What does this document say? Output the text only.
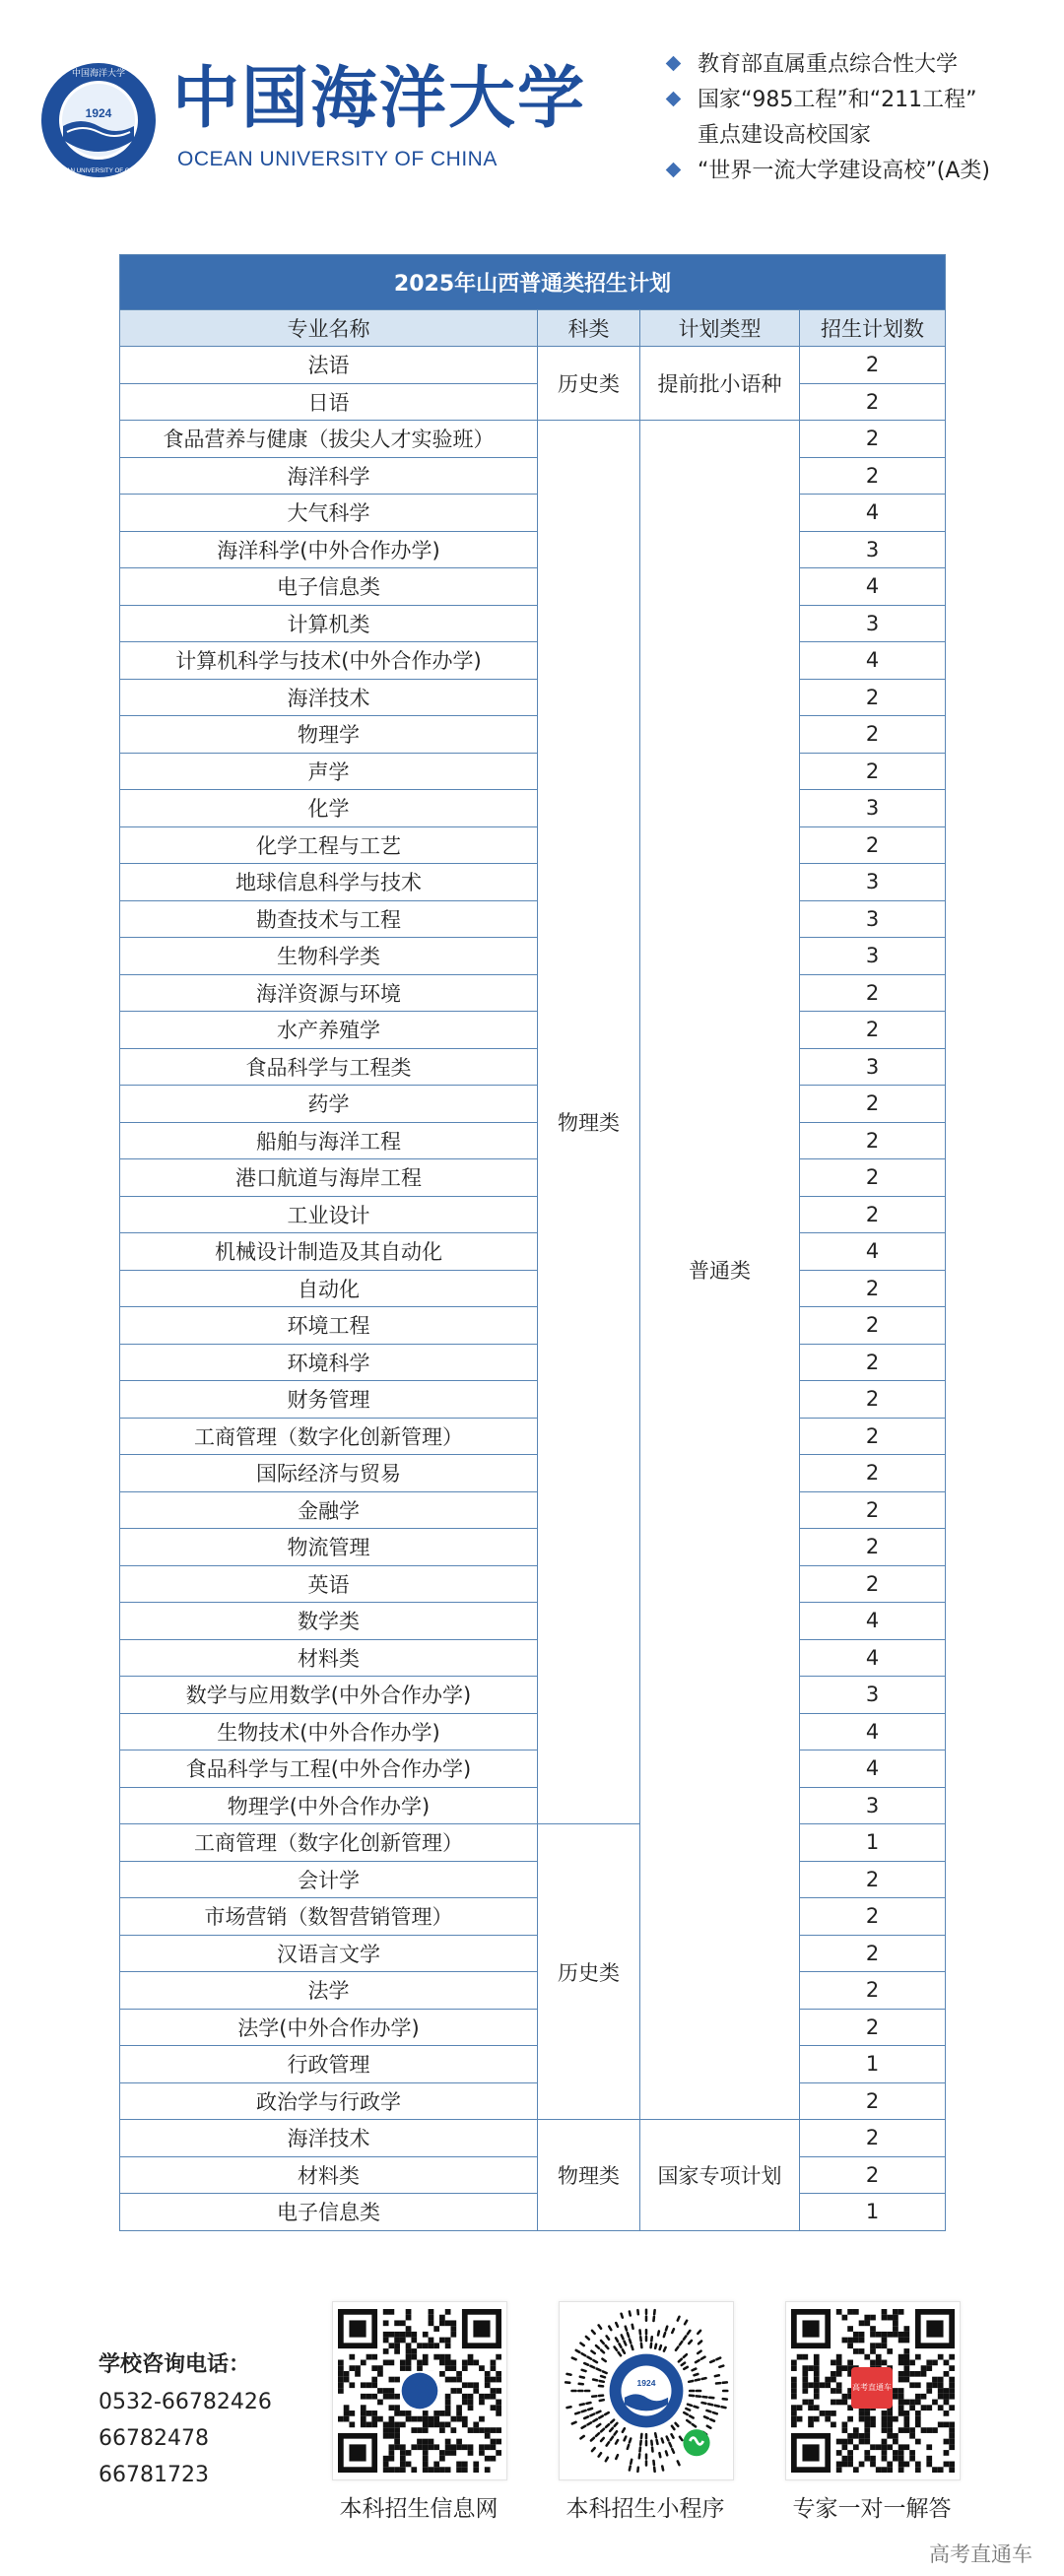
1924
中国海洋大学
OCEAN UNIVERSITY OF CHINA
中国海洋大学
OCEAN UNIVERSITY OF CHINA
教育部直属重点综合性大学
国家“985工程”和“211工程”
重点建设高校国家
“世界一流大学建设高校”(A类)
2025年山西普通类招生计划			
专业名称	科类	计划类型	招生计划数
法语	历史类	提前批小语种	2
日语			2
食品营养与健康（拔尖人才实验班）	物理类	普通类	2
海洋科学			2
大气科学			4
海洋科学(中外合作办学)			3
电子信息类			4
计算机类			3
计算机科学与技术(中外合作办学)			4
海洋技术			2
物理学			2
声学			2
化学			3
化学工程与工艺			2
地球信息科学与技术			3
勘查技术与工程			3
生物科学类			3
海洋资源与环境			2
水产养殖学			2
食品科学与工程类			3
药学			2
船舶与海洋工程			2
港口航道与海岸工程			2
工业设计			2
机械设计制造及其自动化			4
自动化			2
环境工程			2
环境科学			2
财务管理			2
工商管理（数字化创新管理）			2
国际经济与贸易			2
金融学			2
物流管理			2
英语			2
数学类			4
材料类			4
数学与应用数学(中外合作办学)			3
生物技术(中外合作办学)			4
食品科学与工程(中外合作办学)			4
物理学(中外合作办学)			3
工商管理（数字化创新管理）	历史类		1
会计学			2
市场营销（数智营销管理）			2
汉语言文学			2
法学			2
法学(中外合作办学)			2
行政管理			1
政治学与行政学			2
海洋技术	物理类	国家专项计划	2
材料类			2
电子信息类			1
学校咨询电话：
0532-66782426
66782478
66781723
本科招生信息网
1924
本科招生小程序	专家一对一解答
高考直通车
高考直通车
